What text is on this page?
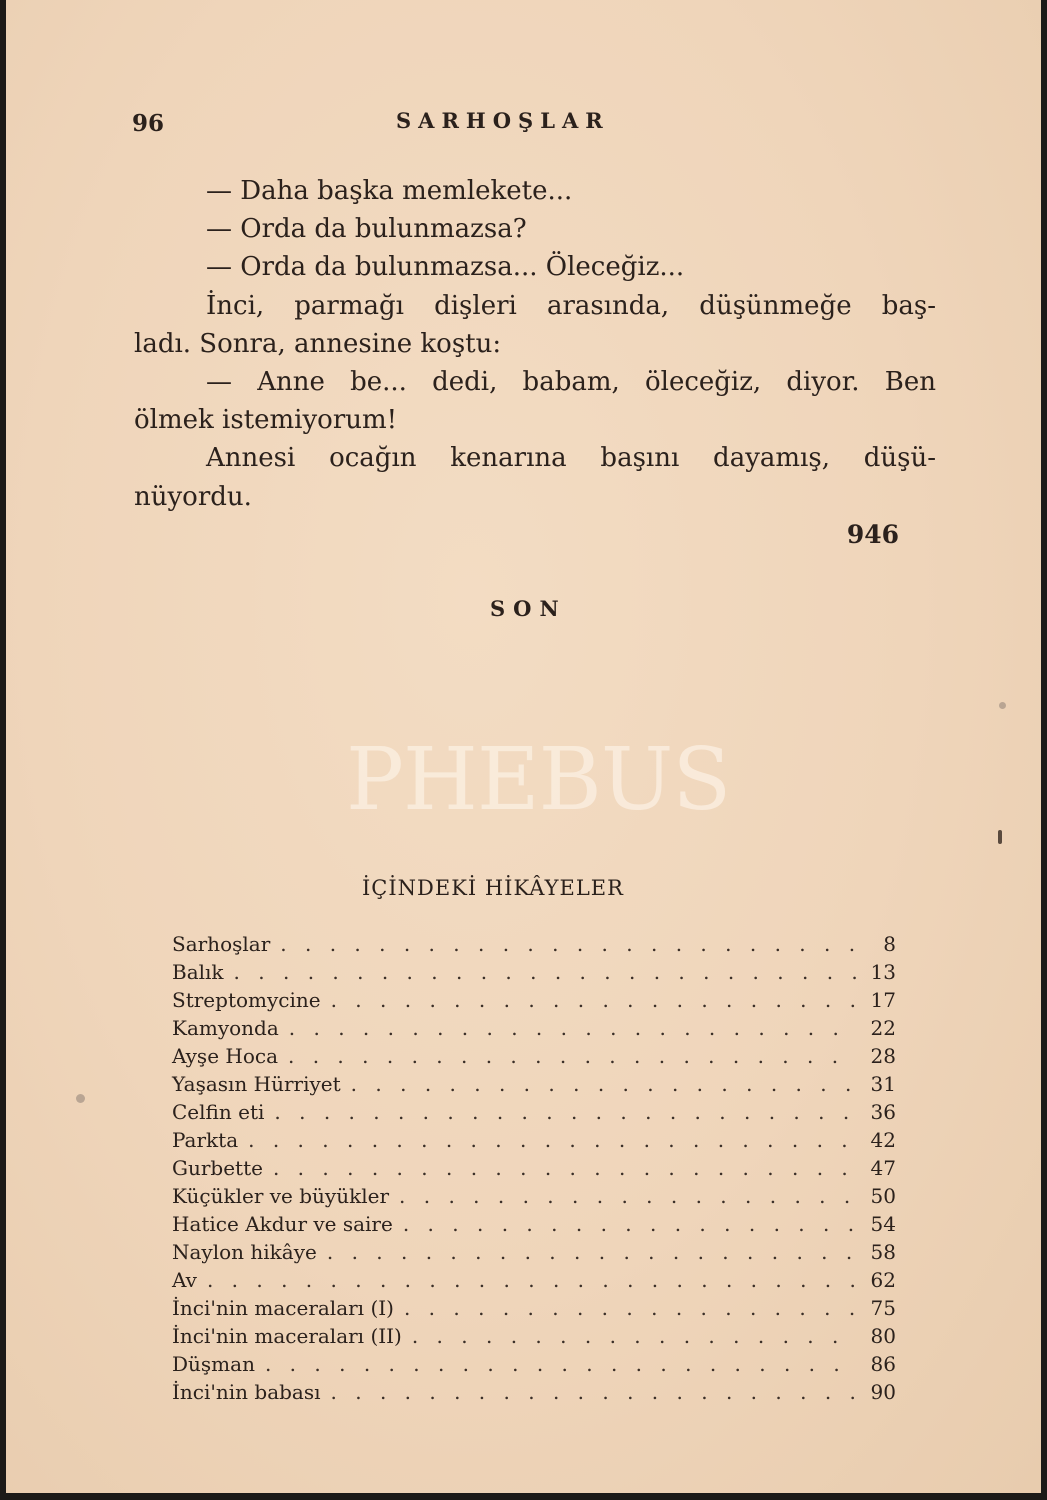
96	SARHOŞLAR
— Daha başka memlekete...
— Orda da bulunmazsa?
— Orda da bulunmazsa... Öleceğiz...
İnci, parmağı dişleri arasında, düşünmeğe baş-
ladı. Sonra, annesine koştu:
— Anne be... dedi, babam, öleceğiz, diyor. Ben
ölmek istemiyorum!
Annesi ocağın kenarına başını dayamış, düşü-
nüyordu.
946
SON
PHEBUS
İÇİNDEKİ HİKÂYELER
Sarhoşlar . . .	8
Balık . . .	13
Streptomycine . . .	17
Kamyonda . . .	22
Ayşe Hoca . . .	28
Yaşasın Hürriyet . . .	31
Celfin eti . . .	36
Parkta . . .	42
Gurbette . . .	47
Küçükler ve büyükler . . .	50
Hatice Akdur ve saire . . .	54
Naylon hikâye . . .	58
Av . . .	62
İnci'nin maceraları (I) . . .	75
İnci'nin maceraları (II) . . .	80
Düşman . . .	86
İnci'nin babası . . .	90
